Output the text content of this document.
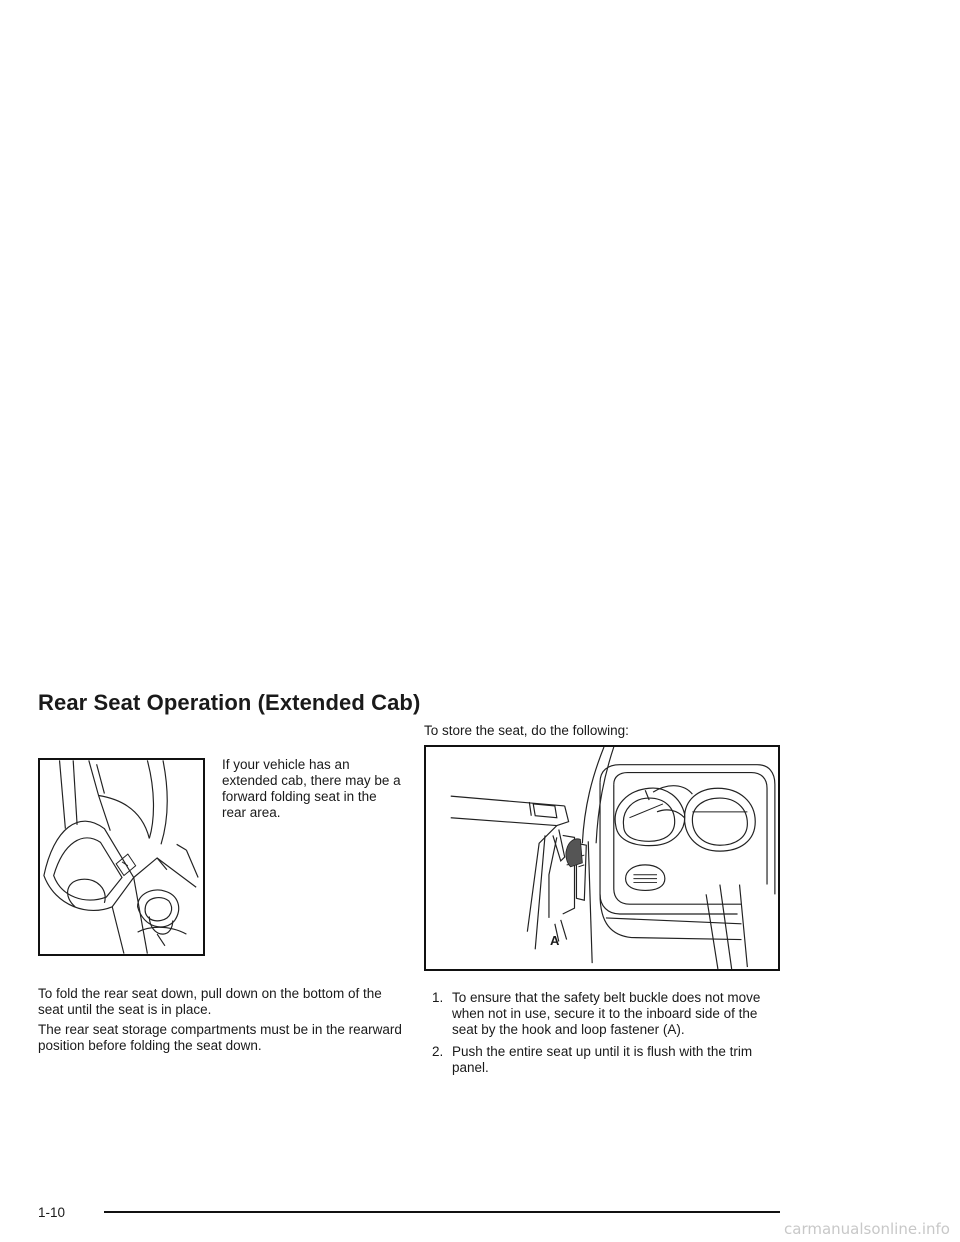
Rear Seat Operation (Extended Cab)

If your vehicle has an extended cab, there may be a forward folding seat in the rear area.

To fold the rear seat down, pull down on the bottom of the seat until the seat is in place.

The rear seat storage compartments must be in the rearward position before folding the seat down.

To store the seat, do the following:

A
1. To ensure that the safety belt buckle does not move when not in use, secure it to the inboard side of the seat by the hook and loop fastener (A).
2. Push the entire seat up until it is flush with the trim panel.
1-10
carmanualsonline.info
